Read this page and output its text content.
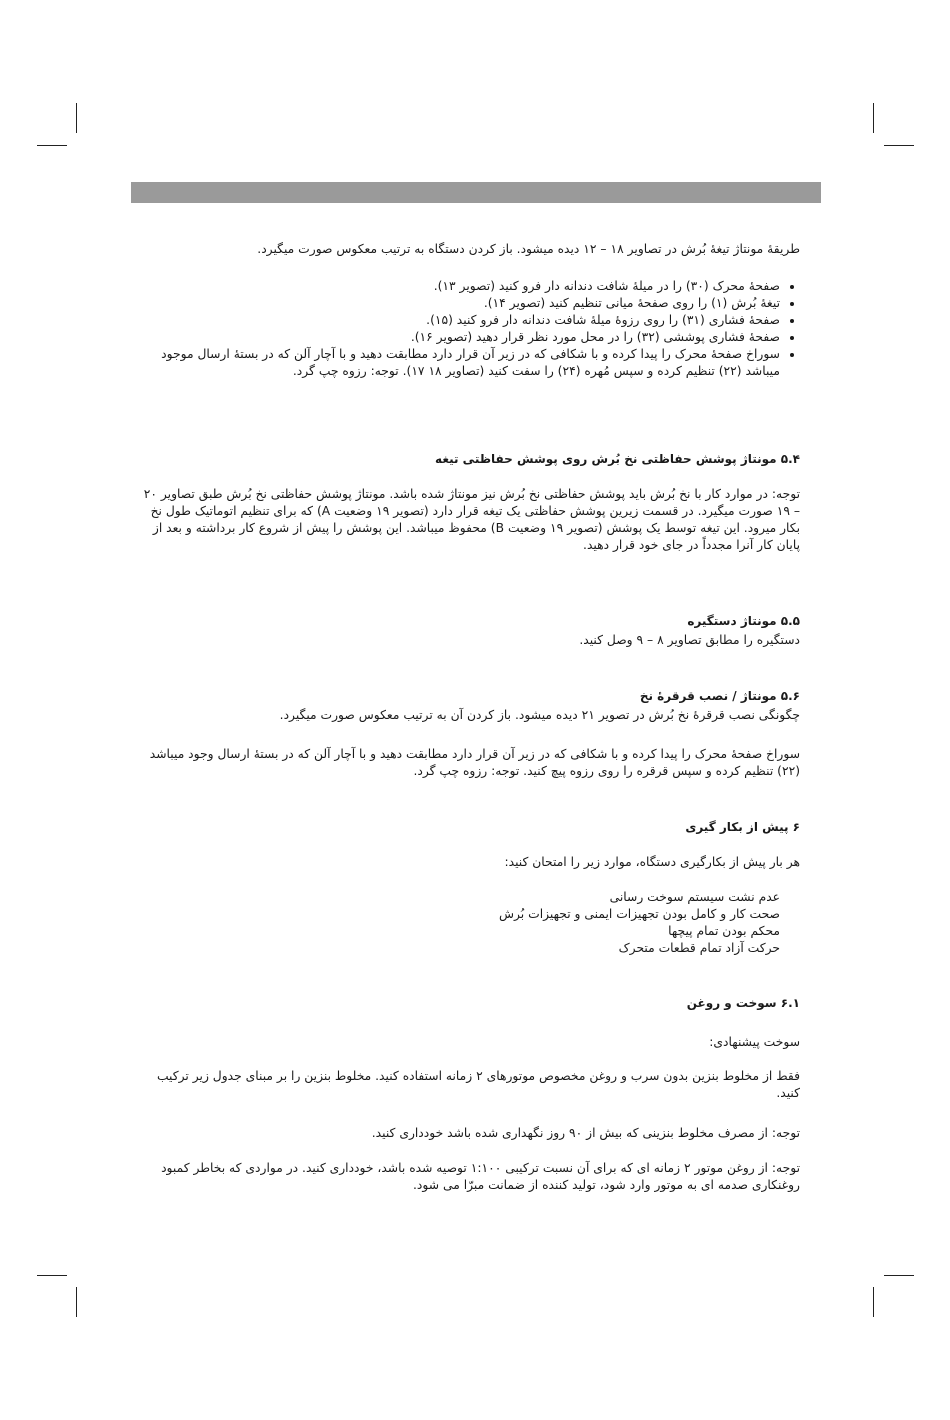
طریقهٔ مونتاژ تیغهٔ بُرش در تصاویر ۱۸ – ۱۲ دیده میشود. باز کردن دستگاه به ترتیب معکوس صورت میگیرد.

• صفحهٔ محرک (۳۰) را در میلهٔ شافت دندانه دار فرو کنید (تصویر ۱۳).
• تیغهٔ بُرش (۱) را روی صفحهٔ میانی تنظیم کنید (تصویر ۱۴).
• صفحهٔ فشاری (۳۱) را روی رزوهٔ میلهٔ شافت دندانه دار فرو کنید (۱۵).
• صفحهٔ فشاری پوششی (۳۲) را در محل مورد نظر قرار دهید (تصویر ۱۶).
• سوراخ صفحهٔ محرک را پیدا کرده و با شکافی که در زیر آن قرار دارد مطابقت دهید و با آچار آلن که در بستهٔ ارسال موجود میباشد (۲۲) تنظیم کرده و سپس مُهره (۲۴) را سفت کنید (تصاویر ۱۸ ۱۷). توجه: رزوه چپ گرد.
۵.۴ مونتاژ پوشش حفاظتی نخ بُرش روی پوشش حفاظتی تیغه

توجه: در موارد کار با نخ بُرش باید پوشش حفاظتی نخ بُرش نیز مونتاژ شده باشد. مونتاژ پوشش حفاظتی نخ بُرش طبق تصاویر ۲۰ – ۱۹ صورت میگیرد. در قسمت زیرین پوشش حفاظتی یک تیغه قرار دارد (تصویر ۱۹ وضعیت A) که برای تنظیم اتوماتیک طول نخ بکار میرود. این تیغه توسط یک پوشش (تصویر ۱۹ وضعیت B) محفوظ میباشد. این پوشش را پیش از شروع کار برداشته و بعد از پایان کار آنرا مجدداً در جای خود قرار دهید.

۵.۵ مونتاژ دستگیره

دستگیره را مطابق تصاویر ۸ – ۹ وصل کنید.

۵.۶ مونتاژ / نصب قرقرهٔ نخ

چگونگی نصب قرقرهٔ نخ بُرش در تصویر ۲۱ دیده میشود. باز کردن آن به ترتیب معکوس صورت میگیرد.

سوراخ صفحهٔ محرک را پیدا کرده و با شکافی که در زیر آن قرار دارد مطابقت دهید و با آچار آلن که در بستهٔ ارسال وجود میباشد (۲۲) تنظیم کرده و سپس قرقره را روی رزوه پیچ کنید. توجه: رزوه چپ گرد.

۶ پیش از بکار گیری

هر بار پیش از بکارگیری دستگاه، موارد زیر را امتحان کنید:

عدم نشت سیستم سوخت رسانی
صحت کار و کامل بودن تجهیزات ایمنی و تجهیزات بُرش
محکم بودن تمام پیچها
حرکت آزاد تمام قطعات متحرک
۶.۱ سوخت و روغن

سوخت پیشنهادی:

فقط از مخلوط بنزین بدون سرب و روغن مخصوص موتورهای ۲ زمانه استفاده کنید. مخلوط بنزین را بر مبنای جدول زیر ترکیب کنید.

توجه: از مصرف مخلوط بنزینی که بیش از ۹۰ روز نگهداری شده باشد خودداری کنید.

توجه: از روغن موتور ۲ زمانه ای که برای آن نسبت ترکیبی ۱:۱۰۰ توصیه شده باشد، خودداری کنید. در مواردی که بخاطر کمبود روغنکاری صدمه ای به موتور وارد شود، تولید کننده از ضمانت مبرّا می شود.
